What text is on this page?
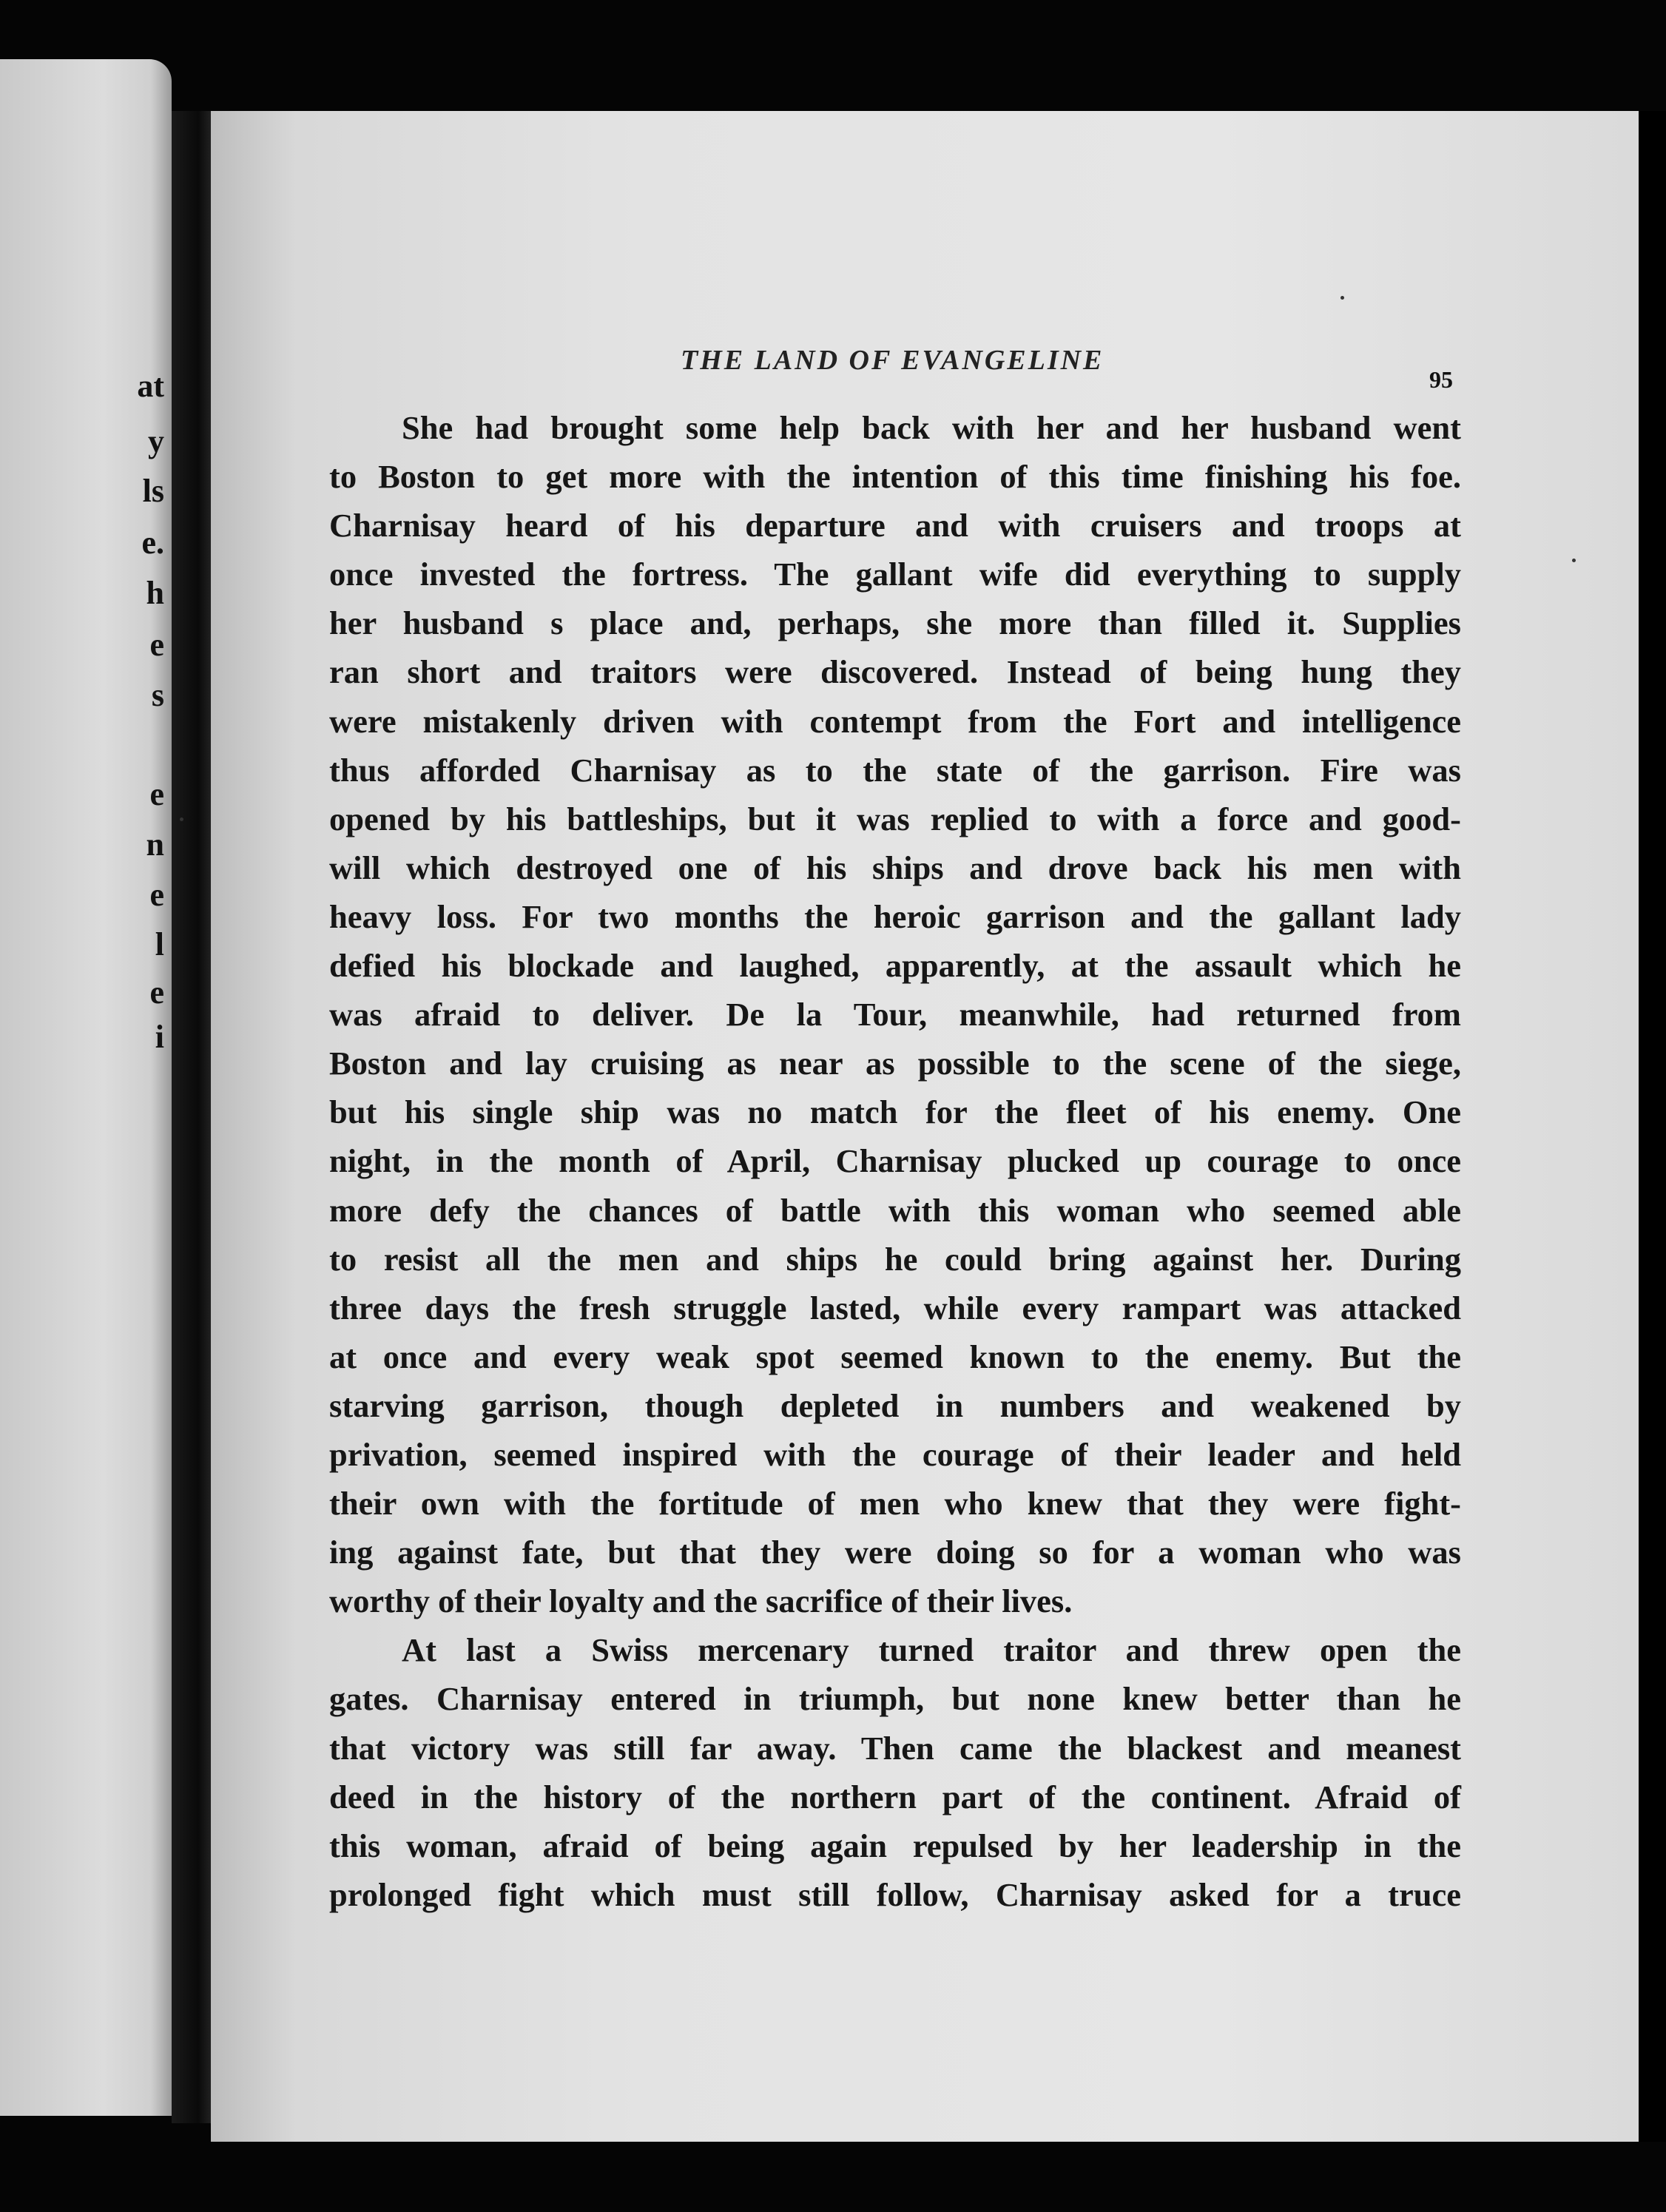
at
y
ls
e.
h
e
s
e
n
e
l
e
i
THE LAND OF EVANGELINE
95
She had brought some help back with her and her husband went
to Boston to get more with the intention of this time finishing his foe.
Charnisay heard of his departure and with cruisers and troops at
once invested the fortress. The gallant wife did everything to supply
her husband s place and, perhaps, she more than filled it. Supplies
ran short and traitors were discovered. Instead of being hung they
were mistakenly driven with contempt from the Fort and intelligence
thus afforded Charnisay as to the state of the garrison. Fire was
opened by his battleships, but it was replied to with a force and good-
will which destroyed one of his ships and drove back his men with
heavy loss. For two months the heroic garrison and the gallant lady
defied his blockade and laughed, apparently, at the assault which he
was afraid to deliver. De la Tour, meanwhile, had returned from
Boston and lay cruising as near as possible to the scene of the siege,
but his single ship was no match for the fleet of his enemy. One
night, in the month of April, Charnisay plucked up courage to once
more defy the chances of battle with this woman who seemed able
to resist all the men and ships he could bring against her. During
three days the fresh struggle lasted, while every rampart was attacked
at once and every weak spot seemed known to the enemy. But the
starving garrison, though depleted in numbers and weakened by
privation, seemed inspired with the courage of their leader and held
their own with the fortitude of men who knew that they were fight-
ing against fate, but that they were doing so for a woman who was
worthy of their loyalty and the sacrifice of their lives.
At last a Swiss mercenary turned traitor and threw open the
gates. Charnisay entered in triumph, but none knew better than he
that victory was still far away. Then came the blackest and meanest
deed in the history of the northern part of the continent. Afraid of
this woman, afraid of being again repulsed by her leadership in the
prolonged fight which must still follow, Charnisay asked for a truce
